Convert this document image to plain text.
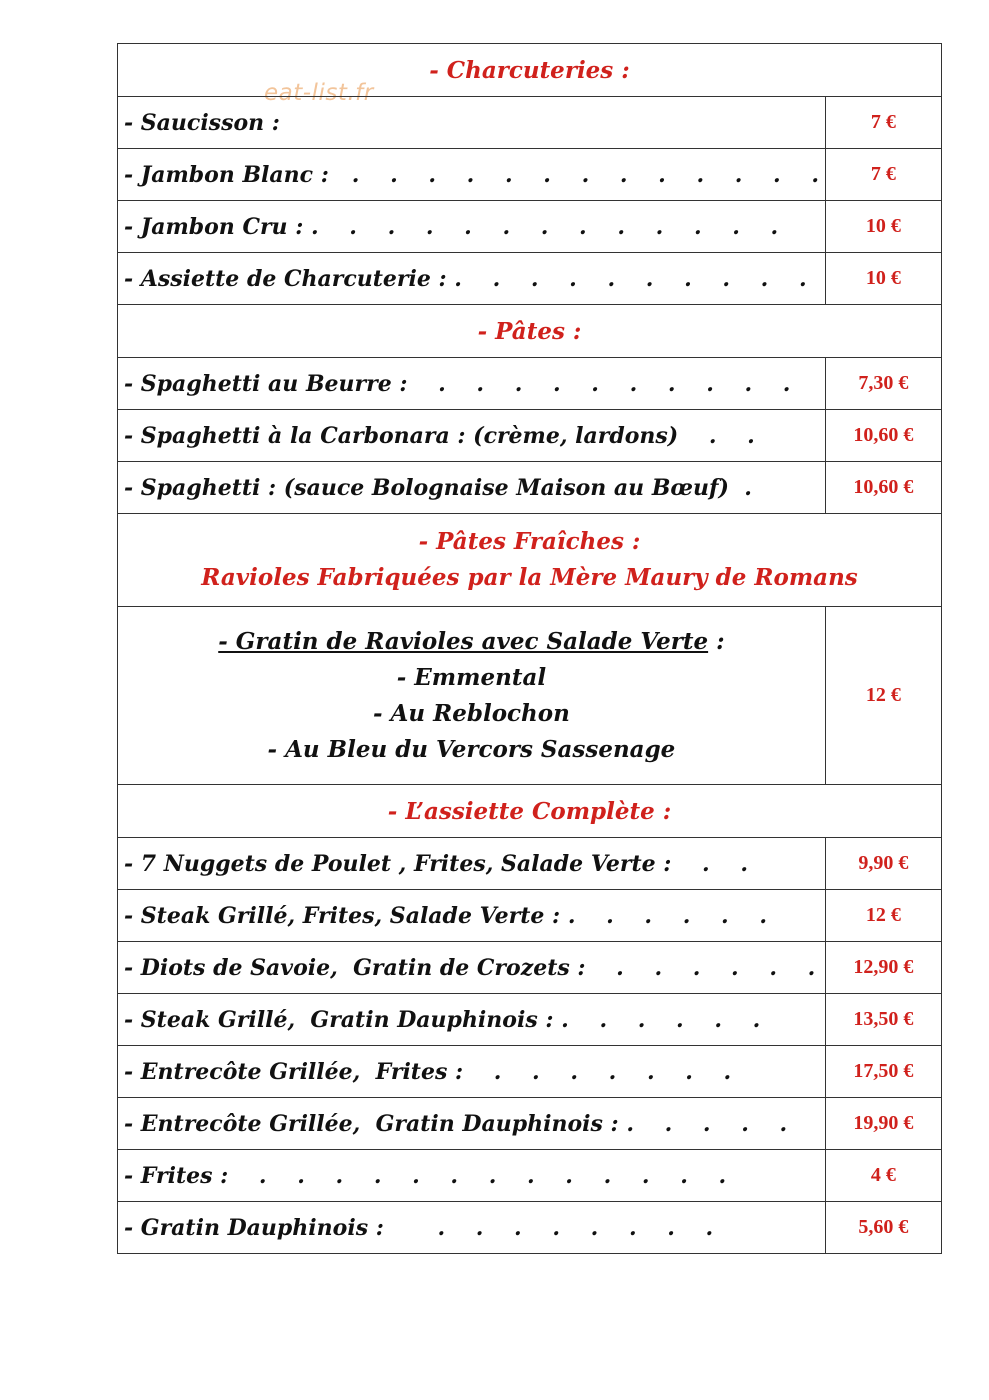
eat-list.fr
- Charcuteries :	
- Saucisson :	7 €
- Jambon Blanc :   .    .    .    .    .    .    .    .    .    .    .    .    .	7 €
- Jambon Cru : .    .    .    .    .    .    .    .    .    .    .    .    .	10 €
- Assiette de Charcuterie : .    .    .    .    .    .    .    .    .    .	10 €
- Pâtes :	
- Spaghetti au Beurre :    .    .    .    .    .    .    .    .    .    .	7,30 €
- Spaghetti à la Carbonara : (crème, lardons)    .    .	10,60 €
- Spaghetti : (sauce Bolognaise Maison au Bœuf)  .	10,60 €

- Pâtes Fraîches :
Ravioles Fabriquées par la Mère Maury de Romans	

- Gratin de Ravioles avec Salade Verte :
- Emmental
- Au Reblochon
- Au Bleu du Vercors Sassenage	12 €
- L’assiette Complète :	
- 7 Nuggets de Poulet , Frites, Salade Verte :    .    .	9,90 €
- Steak Grillé, Frites, Salade Verte : .    .    .    .    .    .	12 €
- Diots de Savoie,  Gratin de Crozets :    .    .    .    .    .    .	12,90 €
- Steak Grillé,  Gratin Dauphinois : .    .    .    .    .    .	13,50 €
- Entrecôte Grillée,  Frites :    .    .    .    .    .    .    .	17,50 €
- Entrecôte Grillée,  Gratin Dauphinois : .    .    .    .    .	19,90 €
- Frites :    .    .    .    .    .    .    .    .    .    .    .    .    .	4 €
- Gratin Dauphinois :       .    .    .    .    .    .    .    .	5,60 €
